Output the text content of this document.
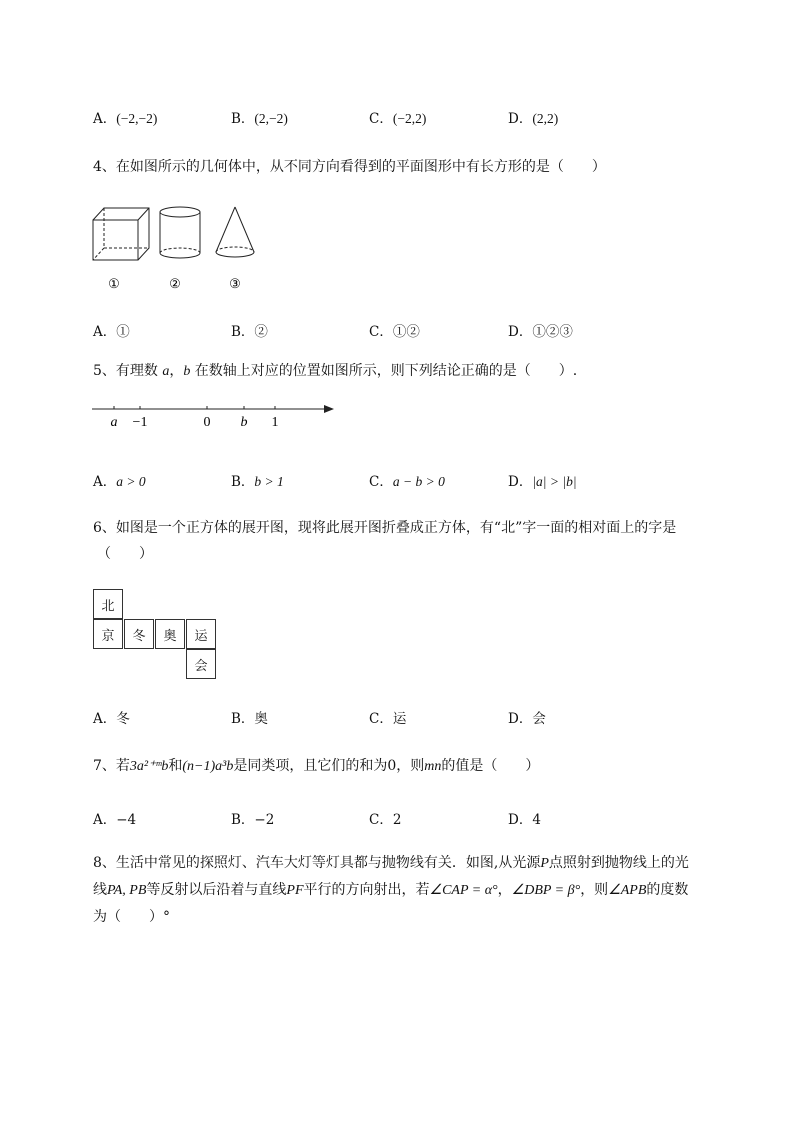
A．(−2,−2)	B．(2,−2)	C．(−2,2)	D．(2,2)
4、在如图所示的几何体中，从不同方向看得到的平面图形中有长方形的是（　　）
①	②	③
A．①	B．②	C．①②	D．①②③
5、有理数 a，b 在数轴上对应的位置如图所示，则下列结论正确的是（　　）.
a −1	0 b 1
A．a > 0	B．b > 1	C．a − b > 0	D．|a| > |b|
6、如图是一个正方体的展开图，现将此展开图折叠成正方体，有“北”字一面的相对面上的字是
（　　）
北
京	冬	奥	运
会
A．冬	B．奥	C．运	D．会
7、若3a²⁺ᵐb和(n−1)a³b是同类项，且它们的和为0，则mn的值是（　　）
A．−4	B．−2	C．2	D．4
8、生活中常见的探照灯、汽车大灯等灯具都与抛物线有关．如图,从光源P点照射到抛物线上的光
线PA, PB等反射以后沿着与直线PF平行的方向射出，若∠CAP = α°，∠DBP = β°，则∠APB的度数
为（　　）°
